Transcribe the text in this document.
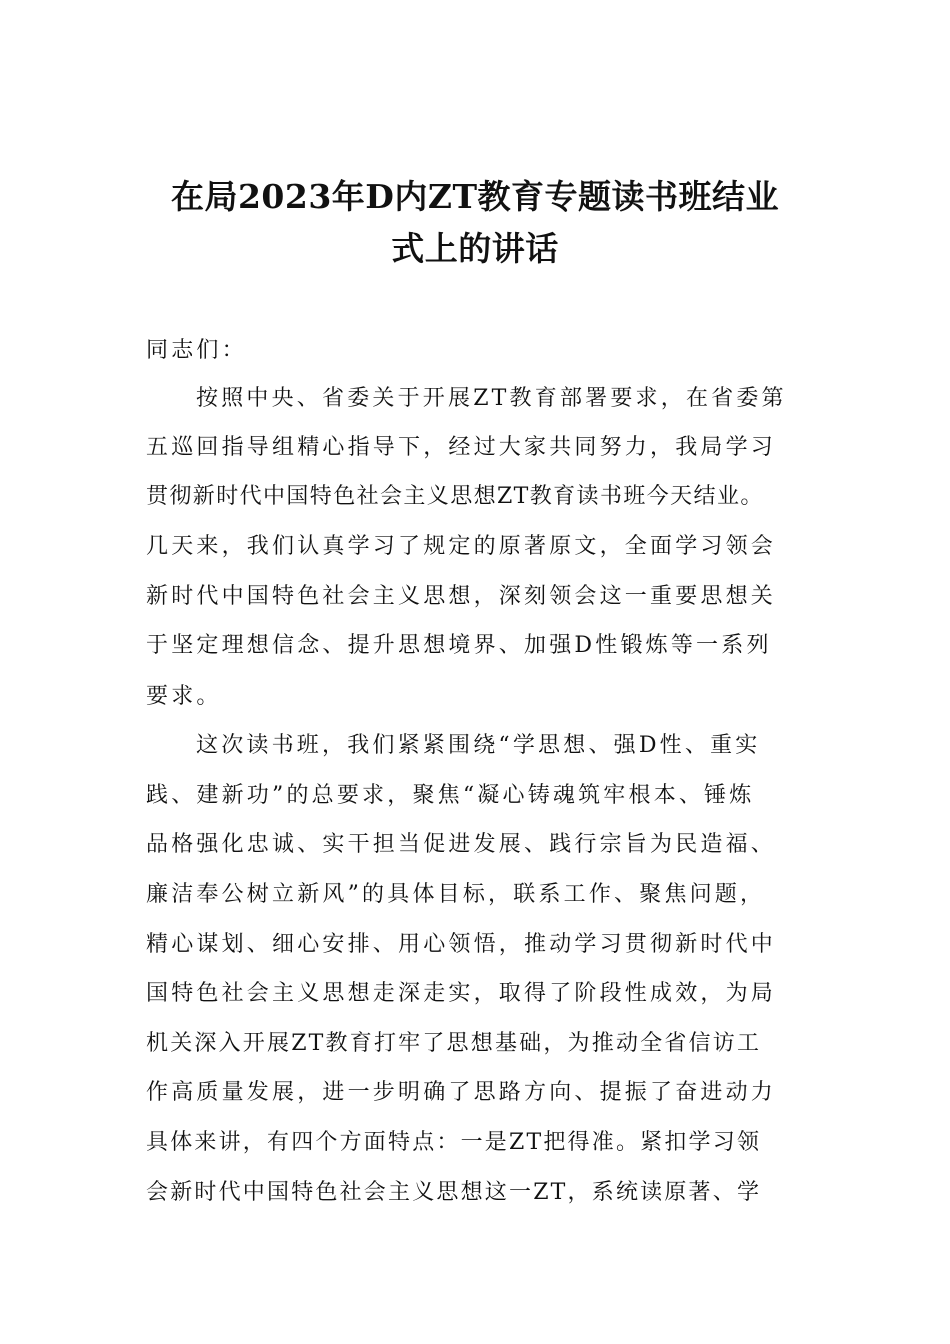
在局2023年D内ZT教育专题读书班结业
式上的讲话
同志们：
按照中央、省委关于开展ZT教育部署要求，在省委第
五巡回指导组精心指导下，经过大家共同努力，我局学习
贯彻新时代中国特色社会主义思想ZT教育读书班今天结业。
几天来，我们认真学习了规定的原著原文，全面学习领会
新时代中国特色社会主义思想，深刻领会这一重要思想关
于坚定理想信念、提升思想境界、加强D性锻炼等一系列
要求。
这次读书班，我们紧紧围绕“学思想、强D性、重实
践、建新功”的总要求，聚焦“凝心铸魂筑牢根本、锤炼
品格强化忠诚、实干担当促进发展、践行宗旨为民造福、
廉洁奉公树立新风”的具体目标，联系工作、聚焦问题，
精心谋划、细心安排、用心领悟，推动学习贯彻新时代中
国特色社会主义思想走深走实，取得了阶段性成效，为局
机关深入开展ZT教育打牢了思想基础，为推动全省信访工
作高质量发展，进一步明确了思路方向、提振了奋进动力
具体来讲，有四个方面特点：一是ZT把得准。紧扣学习领
会新时代中国特色社会主义思想这一ZT，系统读原著、学
